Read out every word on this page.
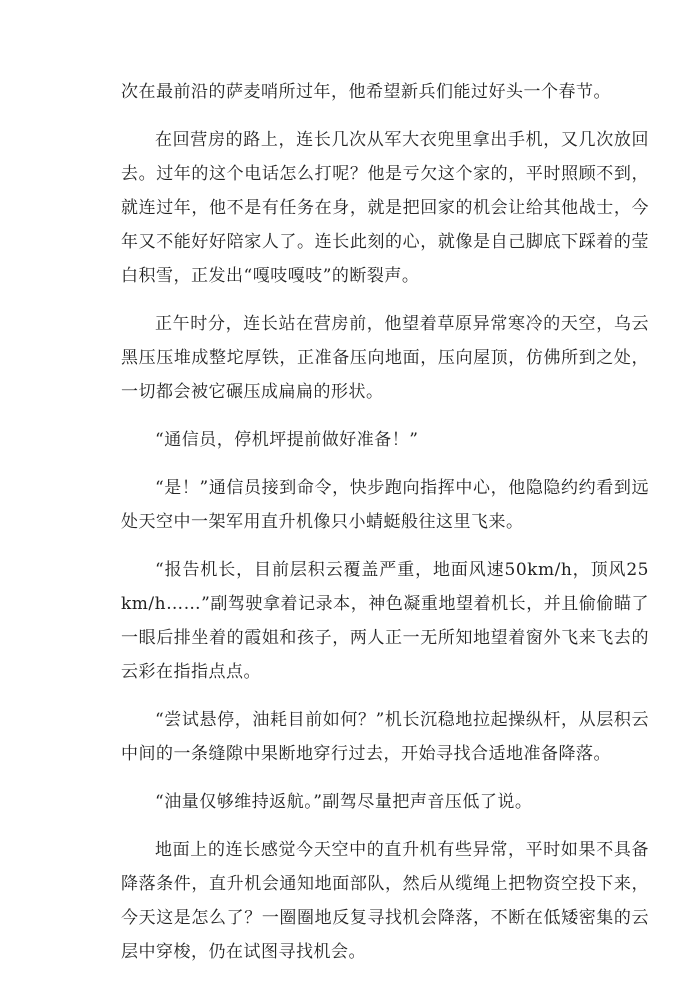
次在最前沿的萨麦哨所过年，他希望新兵们能过好头一个春节。

在回营房的路上，连长几次从军大衣兜里拿出手机，又几次放回去。过年的这个电话怎么打呢？他是亏欠这个家的，平时照顾不到，就连过年，他不是有任务在身，就是把回家的机会让给其他战士，今年又不能好好陪家人了。连长此刻的心，就像是自己脚底下踩着的莹白积雪，正发出“嘎吱嘎吱”的断裂声。

正午时分，连长站在营房前，他望着草原异常寒冷的天空，乌云黑压压堆成整坨厚铁，正准备压向地面，压向屋顶，仿佛所到之处，一切都会被它碾压成扁扁的形状。

“通信员，停机坪提前做好准备！”

“是！”通信员接到命令，快步跑向指挥中心，他隐隐约约看到远处天空中一架军用直升机像只小蜻蜓般往这里飞来。

“报告机长，目前层积云覆盖严重，地面风速50km/h，顶风25km/h……”副驾驶拿着记录本，神色凝重地望着机长，并且偷偷瞄了一眼后排坐着的霞姐和孩子，两人正一无所知地望着窗外飞来飞去的云彩在指指点点。

“尝试悬停，油耗目前如何？”机长沉稳地拉起操纵杆，从层积云中间的一条缝隙中果断地穿行过去，开始寻找合适地准备降落。

“油量仅够维持返航。”副驾尽量把声音压低了说。

地面上的连长感觉今天空中的直升机有些异常，平时如果不具备降落条件，直升机会通知地面部队，然后从缆绳上把物资空投下来，今天这是怎么了？一圈圈地反复寻找机会降落，不断在低矮密集的云层中穿梭，仍在试图寻找机会。
